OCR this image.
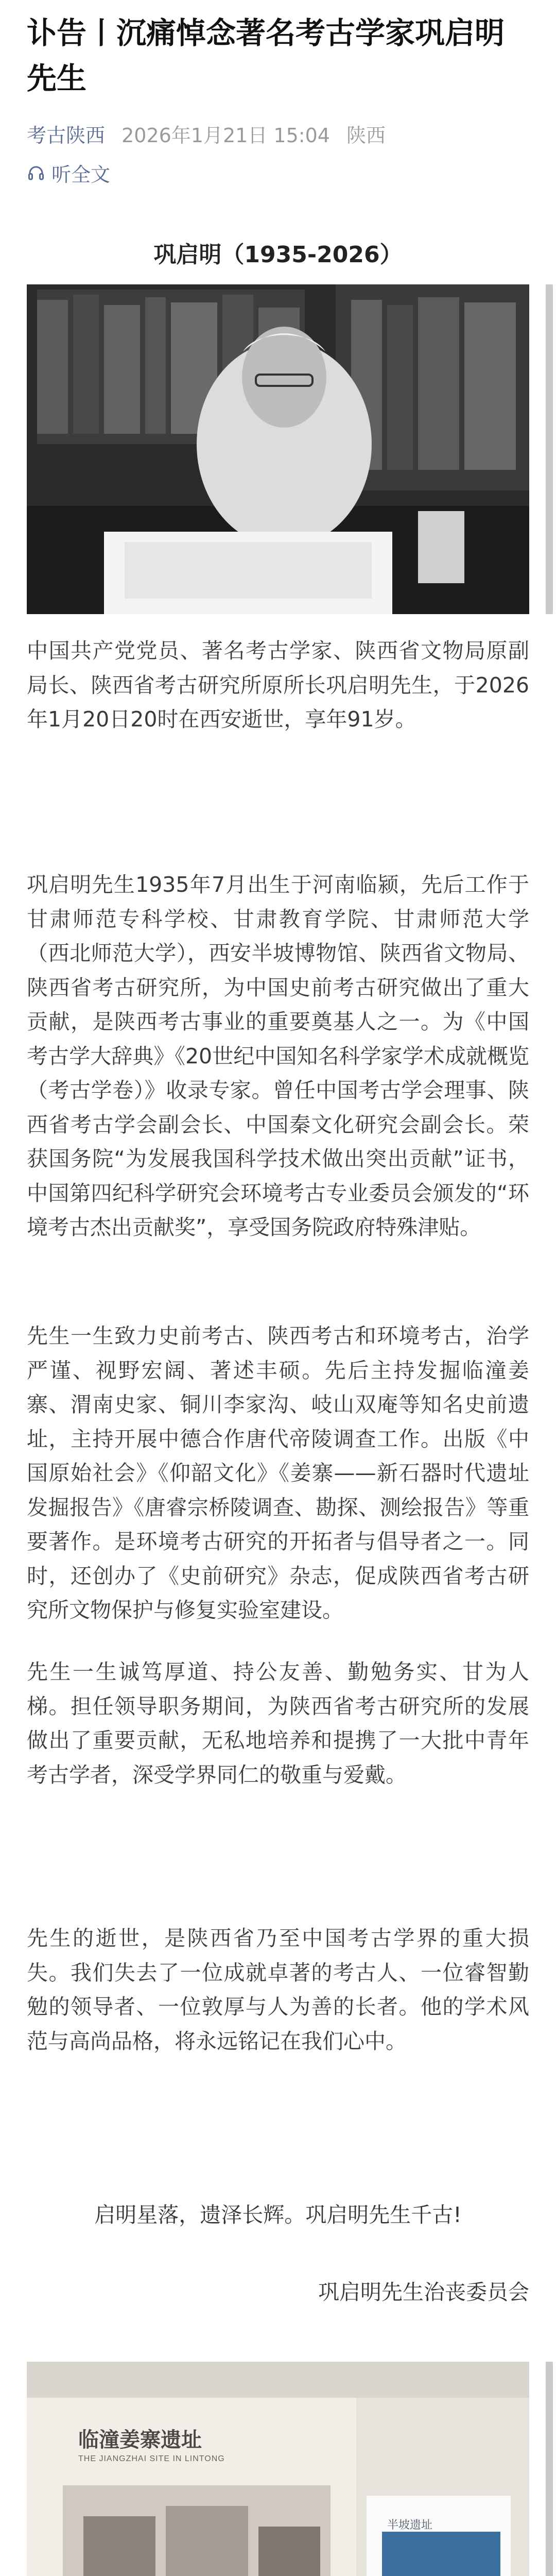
讣告丨沉痛悼念著名考古学家巩启明先生
考古陕西 2026年1月21日 15:04 陕西
听全文
巩启明（1935-2026）

中国共产党党员、著名考古学家、陕西省文物局原副局长、陕西省考古研究所原所长巩启明先生，于2026年1月20日20时在西安逝世，享年91岁。

巩启明先生1935年7月出生于河南临颍，先后工作于甘肃师范专科学校、甘肃教育学院、甘肃师范大学（西北师范大学），西安半坡博物馆、陕西省文物局、陕西省考古研究所，为中国史前考古研究做出了重大贡献，是陕西考古事业的重要奠基人之一。为《中国考古学大辞典》《20世纪中国知名科学家学术成就概览（考古学卷）》收录专家。曾任中国考古学会理事、陕西省考古学会副会长、中国秦文化研究会副会长。荣获国务院“为发展我国科学技术做出突出贡献”证书，中国第四纪科学研究会环境考古专业委员会颁发的“环境考古杰出贡献奖”，享受国务院政府特殊津贴。

先生一生致力史前考古、陕西考古和环境考古，治学严谨、视野宏阔、著述丰硕。先后主持发掘临潼姜寨、渭南史家、铜川李家沟、岐山双庵等知名史前遗址，主持开展中德合作唐代帝陵调查工作。出版《中国原始社会》《仰韶文化》《姜寨——新石器时代遗址发掘报告》《唐睿宗桥陵调查、勘探、测绘报告》等重要著作。是环境考古研究的开拓者与倡导者之一。同时，还创办了《史前研究》杂志，促成陕西省考古研究所文物保护与修复实验室建设。

先生一生诚笃厚道、持公友善、勤勉务实、甘为人梯。担任领导职务期间，为陕西省考古研究所的发展做出了重要贡献，无私地培养和提携了一大批中青年考古学者，深受学界同仁的敬重与爱戴。

先生的逝世，是陕西省乃至中国考古学界的重大损失。我们失去了一位成就卓著的考古人、一位睿智勤勉的领导者、一位敦厚与人为善的长者。他的学术风范与高尚品格，将永远铭记在我们心中。

启明星落，遗泽长辉。巩启明先生千古!

巩启明先生治丧委员会

临潼姜寨遗址
THE JIANGZHAI SITE IN LINTONG
半坡遗址
